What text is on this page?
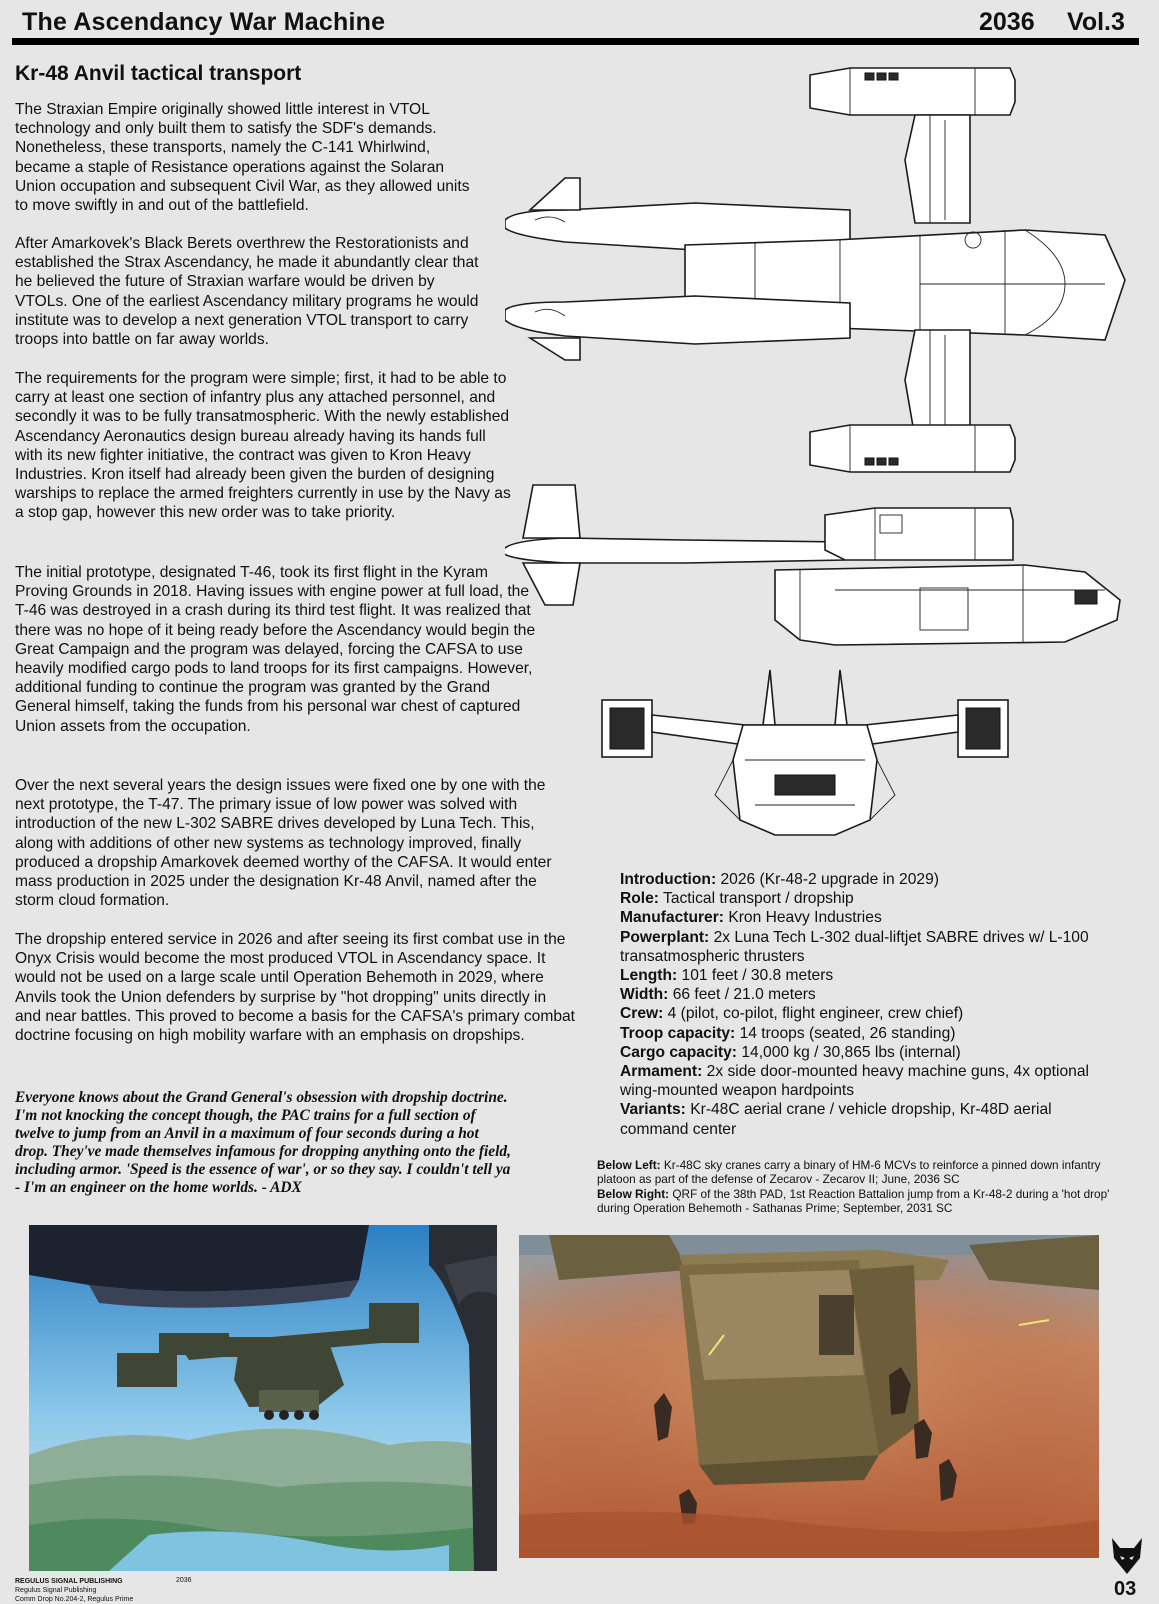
The Ascendancy War Machine	2036 Vol.3
Kr-48 Anvil tactical transport

The Straxian Empire originally showed little interest in VTOL technology and only built them to satisfy the SDF's demands. Nonetheless, these transports, namely the C-141 Whirlwind, became a staple of Resistance operations against the Solaran Union occupation and subsequent Civil War, as they allowed units to move swiftly in and out of the battlefield.

After Amarkovek's Black Berets overthrew the Restorationists and established the Strax Ascendancy, he made it abundantly clear that he believed the future of Straxian warfare would be driven by VTOLs. One of the earliest Ascendancy military programs he would institute was to develop a next generation VTOL transport to carry troops into battle on far away worlds.

The requirements for the program were simple; first, it had to be able to carry at least one section of infantry plus any attached personnel, and secondly it was to be fully transatmospheric. With the newly established Ascendancy Aeronautics design bureau already having its hands full with its new fighter initiative, the contract was given to Kron Heavy Industries. Kron itself had already been given the burden of designing warships to replace the armed freighters currently in use by the Navy as a stop gap, however this new order was to take priority.

The initial prototype, designated T-46, took its first flight in the Kyram Proving Grounds in 2018. Having issues with engine power at full load, the T-46 was destroyed in a crash during its third test flight. It was realized that there was no hope of it being ready before the Ascendancy would begin the Great Campaign and the program was delayed, forcing the CAFSA to use heavily modified cargo pods to land troops for its first campaigns. However, additional funding to continue the program was granted by the Grand General himself, taking the funds from his personal war chest of captured Union assets from the occupation.

Over the next several years the design issues were fixed one by one with the next prototype, the T-47. The primary issue of low power was solved with introduction of the new L-302 SABRE drives developed by Luna Tech. This, along with additions of other new systems as technology improved, finally produced a dropship Amarkovek deemed worthy of the CAFSA. It would enter mass production in 2025 under the designation Kr-48 Anvil, named after the storm cloud formation.

The dropship entered service in 2026 and after seeing its first combat use in the Onyx Crisis would become the most produced VTOL in Ascendancy space. It would not be used on a large scale until Operation Behemoth in 2029, where Anvils took the Union defenders by surprise by "hot dropping" units directly in and near battles. This proved to become a basis for the CAFSA's primary combat doctrine focusing on high mobility warfare with an emphasis on dropships.

Everyone knows about the Grand General's obsession with dropship doctrine. I'm not knocking the concept though, the PAC trains for a full section of twelve to jump from an Anvil in a maximum of four seconds during a hot drop. They've made themselves infamous for dropping anything onto the field, including armor. 'Speed is the essence of war', or so they say. I couldn't tell ya - I'm an engineer on the home worlds. - ADX

Introduction: 2026 (Kr-48-2 upgrade in 2029)

Role: Tactical transport / dropship

Manufacturer: Kron Heavy Industries

Powerplant: 2x Luna Tech L-302 dual-liftjet SABRE drives w/ L-100 transatmospheric thrusters

Length: 101 feet / 30.8 meters

Width: 66 feet / 21.0 meters

Crew: 4 (pilot, co-pilot, flight engineer, crew chief)

Troop capacity: 14 troops (seated, 26 standing)

Cargo capacity: 14,000 kg / 30,865 lbs (internal)

Armament: 2x side door-mounted heavy machine guns, 4x optional wing-mounted weapon hardpoints

Variants: Kr-48C aerial crane / vehicle dropship, Kr-48D aerial command center

Below Left: Kr-48C sky cranes carry a binary of HM-6 MCVs to reinforce a pinned down infantry platoon as part of the defense of Zecarov - Zecarov II; June, 2036 SC

Below Right: QRF of the 38th PAD, 1st Reaction Battalion jump from a Kr-48-2 during a 'hot drop' during Operation Behemoth - Sathanas Prime; September, 2031 SC

REGULUS SIGNAL PUBLISHING
Regulus Signal Publishing
Comm Drop No.204-2, Regulus Prime
2036	03
